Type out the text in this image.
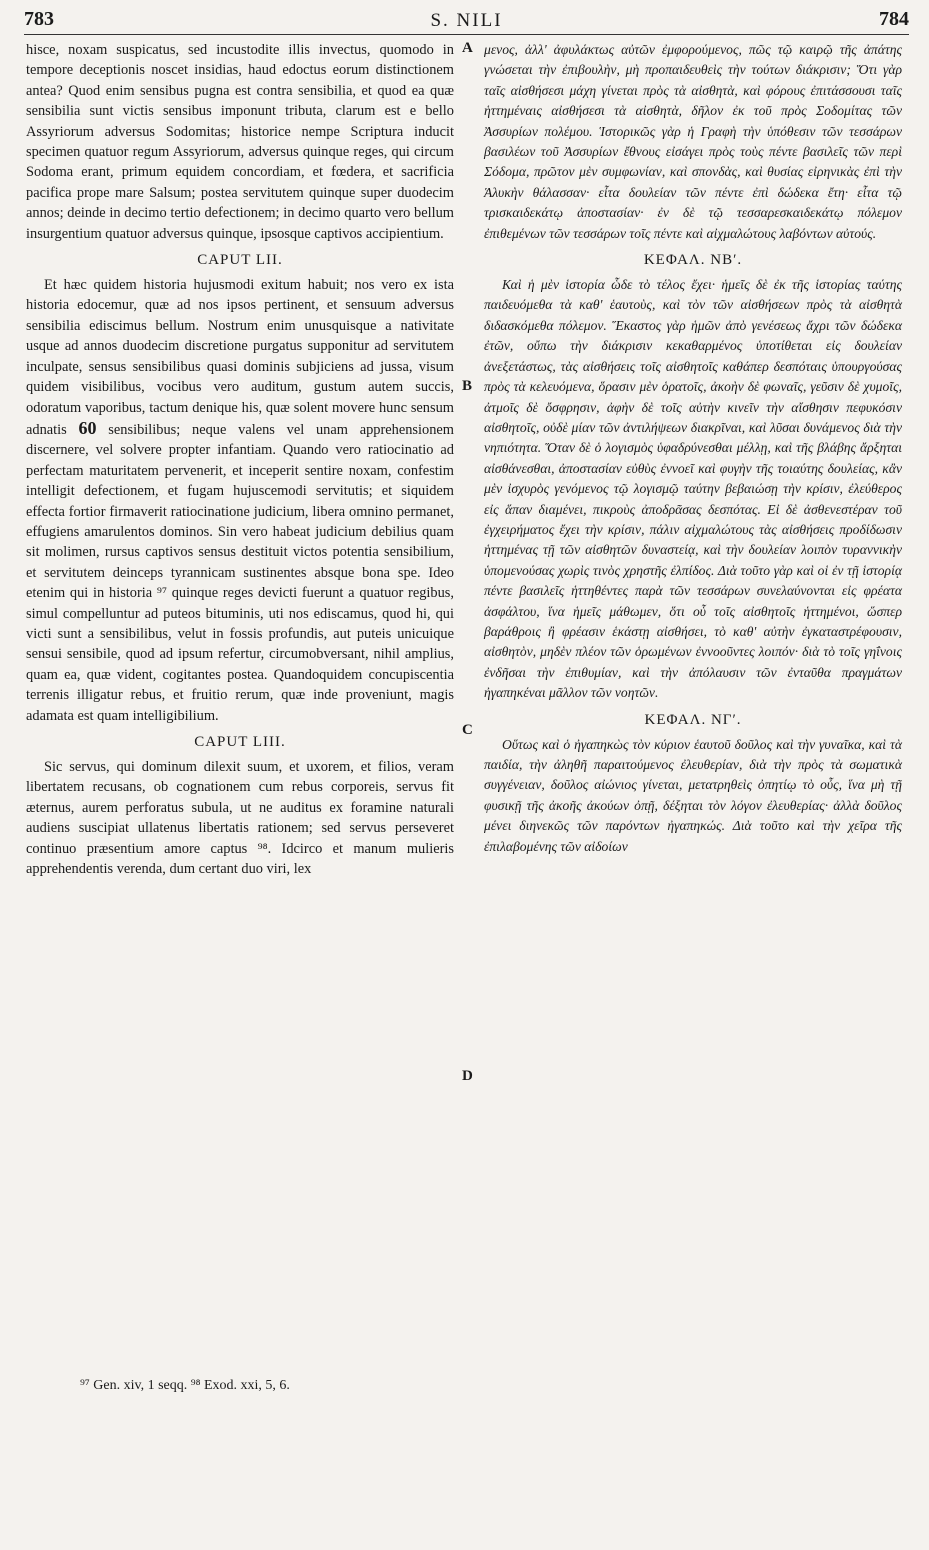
783	S. NILI	784
A
B
C
D

hisce, noxam suspicatus, sed incustodite illis invectus, quomodo in tempore deceptionis noscet insidias, haud edoctus eorum distinctionem antea? Quod enim sensibus pugna est contra sensibilia, et quod ea quæ sensibilia sunt victis sensibus imponunt tributa, clarum est e bello Assyriorum adversus Sodomitas; historice nempe Scriptura inducit specimen quatuor regum Assyriorum, adversus quinque reges, qui circum Sodoma erant, primum equidem concordiam, et fœdera, et sacrificia pacifica prope mare Salsum; postea servitutem quinque super duodecim annos; deinde in decimo tertio defectionem; in decimo quarto vero bellum insurgentium quatuor adversus quinque, ipsosque captivos accipientium.

CAPUT LII.

Et hæc quidem historia hujusmodi exitum habuit; nos vero ex ista historia edocemur, quæ ad nos ipsos pertinent, et sensuum adversus sensibilia ediscimus bellum. Nostrum enim unusquisque a nativitate usque ad annos duodecim discretione purgatus supponitur ad servitutem inculpate, sensus sensibilibus quasi dominis subjiciens ad jussa, visum quidem visibilibus, vocibus vero auditum, gustum autem succis, odoratum vaporibus, tactum denique his, quæ solent movere hunc sensum adnatis 60 sensibilibus; neque valens vel unam apprehensionem discernere, vel solvere propter infantiam. Quando vero ratiocinatio ad perfectam maturitatem pervenerit, et inceperit sentire noxam, confestim intelligit defectionem, et fugam hujuscemodi servitutis; et siquidem effecta fortior firmaverit ratiocinatione judicium, libera omnino permanet, effugiens amarulentos dominos. Sin vero habeat judicium debilius quam sit molimen, rursus captivos sensus destituit victos potentia sensibilium, et servitutem deinceps tyrannicam sustinentes absque bona spe. Ideo etenim qui in historia ⁹⁷ quinque reges devicti fuerunt a quatuor regibus, simul compelluntur ad puteos bituminis, uti nos ediscamus, quod hi, qui victi sunt a sensibilibus, velut in fossis profundis, aut puteis unicuique sensui sensibile, quod ad ipsum refertur, circumobversant, nihil amplius, quam ea, quæ vident, cogitantes postea. Quandoquidem concupiscentia terrenis illigatur rebus, et fruitio rerum, quæ inde proveniunt, magis adamata est quam intelligibilium.

CAPUT LIII.

Sic servus, qui dominum dilexit suum, et uxorem, et filios, veram libertatem recusans, ob cognationem cum rebus corporeis, servus fit æternus, aurem perforatus subula, ut ne auditus ex foramine naturali audiens suscipiat ullatenus libertatis rationem; sed servus perseveret continuo præsentium amore captus ⁹⁸. Idcirco et manum mulieris apprehendentis verenda, dum certant duo viri, lex

μενος, ἀλλ' ἀφυλάκτως αὐτῶν ἐμφορούμενος, πῶς τῷ καιρῷ τῆς ἀπάτης γνώσεται τὴν ἐπιβουλὴν, μὴ προπαιδευθεὶς τὴν τούτων διάκρισιν; Ὅτι γὰρ ταῖς αἰσθήσεσι μάχη γίνεται πρὸς τὰ αἰσθητὰ, καὶ φόρους ἐπιτάσσουσι ταῖς ἡττημέναις αἰσθήσεσι τὰ αἰσθητὰ, δῆλον ἐκ τοῦ πρὸς Σοδομίτας τῶν Ἀσσυρίων πολέμου. Ἱστορικῶς γὰρ ἡ Γραφὴ τὴν ὑπόθεσιν τῶν τεσσάρων βασιλέων τοῦ Ἀσσυρίων ἔθνους εἰσάγει πρὸς τοὺς πέντε βασιλεῖς τῶν περὶ Σόδομα, πρῶτον μὲν συμφωνίαν, καὶ σπονδὰς, καὶ θυσίας εἰρηνικὰς ἐπὶ τὴν Ἁλυκὴν θάλασσαν· εἶτα δουλείαν τῶν πέντε ἐπὶ δώδεκα ἔτη· εἶτα τῷ τρισκαιδεκάτῳ ἀποστασίαν· ἐν δὲ τῷ τεσσαρεσκαιδεκάτῳ πόλεμον ἐπιθεμένων τῶν τεσσάρων τοῖς πέντε καὶ αἰχμαλώτους λαβόντων αὐτούς.

ΚΕΦΑΛ. ΝΒʹ.

Καὶ ἡ μὲν ἱστορία ὧδε τὸ τέλος ἔχει· ἡμεῖς δὲ ἐκ τῆς ἱστορίας ταύτης παιδευόμεθα τὰ καθ' ἑαυτοὺς, καὶ τὸν τῶν αἰσθήσεων πρὸς τὰ αἰσθητὰ διδασκόμεθα πόλεμον. Ἕκαστος γὰρ ἡμῶν ἀπὸ γενέσεως ἄχρι τῶν δώδεκα ἐτῶν, οὔπω τὴν διάκρισιν κεκαθαρμένος ὑποτίθεται εἰς δουλείαν ἀνεξετάστως, τὰς αἰσθήσεις τοῖς αἰσθητοῖς καθάπερ δεσπόταις ὑπουργούσας πρὸς τὰ κελευόμενα, ὅρασιν μὲν ὁρατοῖς, ἀκοὴν δὲ φωναῖς, γεῦσιν δὲ χυμοῖς, ἀτμοῖς δὲ ὄσφρησιν, ἀφὴν δὲ τοῖς αὐτὴν κινεῖν τὴν αἴσθησιν πεφυκόσιν αἰσθητοῖς, οὐδὲ μίαν τῶν ἀντιλήψεων διακρῖναι, καὶ λῦσαι δυνάμενος διὰ τὴν νηπιότητα. Ὅταν δὲ ὁ λογισμὸς ὑφαδρύνεσθαι μέλλῃ, καὶ τῆς βλάβης ἄρξηται αἰσθάνεσθαι, ἀποστασίαν εὐθὺς ἐννοεῖ καὶ φυγὴν τῆς τοιαύτης δουλείας, κἂν μὲν ἰσχυρὸς γενόμενος τῷ λογισμῷ ταύτην βεβαιώσῃ τὴν κρίσιν, ἐλεύθερος εἰς ἅπαν διαμένει, πικροὺς ἀποδρᾶσας δεσπότας. Εἰ δὲ ἀσθενεστέραν τοῦ ἐγχειρήματος ἔχει τὴν κρίσιν, πάλιν αἰχμαλώτους τὰς αἰσθήσεις προδίδωσιν ἡττημένας τῇ τῶν αἰσθητῶν δυναστείᾳ, καὶ τὴν δουλείαν λοιπὸν τυραννικὴν ὑπομενούσας χωρὶς τινὸς χρηστῆς ἐλπίδος. Διὰ τοῦτο γὰρ καὶ οἱ ἐν τῇ ἱστορίᾳ πέντε βασιλεῖς ἡττηθέντες παρὰ τῶν τεσσάρων συνελαύνονται εἰς φρέατα ἀσφάλτου, ἵνα ἡμεῖς μάθωμεν, ὅτι οὗ τοῖς αἰσθητοῖς ἡττημένοι, ὥσπερ βαράθροις ἢ φρέασιν ἑκάστῃ αἰσθήσει, τὸ καθ' αὐτὴν ἐγκαταστρέφουσιν, αἰσθητὸν, μηδὲν πλέον τῶν ὁρωμένων ἐννοοῦντες λοιπόν· διὰ τὸ τοῖς γηΐνοις ἐνδῆσαι τὴν ἐπιθυμίαν, καὶ τὴν ἀπόλαυσιν τῶν ἐνταῦθα πραγμάτων ἠγαπηκέναι μᾶλλον τῶν νοητῶν.

ΚΕΦΑΛ. ΝΓʹ.

Οὕτως καὶ ὁ ἠγαπηκὼς τὸν κύριον ἑαυτοῦ δοῦλος καὶ τὴν γυναῖκα, καὶ τὰ παιδία, τὴν ἀληθῆ παραιτούμενος ἐλευθερίαν, διὰ τὴν πρὸς τὰ σωματικὰ συγγένειαν, δοῦλος αἰώνιος γίνεται, μετατρηθεὶς ὀπητίῳ τὸ οὖς, ἵνα μὴ τῇ φυσικῇ τῆς ἀκοῆς ἀκούων ὀπῇ, δέξηται τὸν λόγον ἐλευθερίας· ἀλλὰ δοῦλος μένει διηνεκῶς τῶν παρόντων ἠγαπηκώς. Διὰ τοῦτο καὶ τὴν χεῖρα τῆς ἐπιλαβομένης τῶν αἰδοίων

⁹⁷ Gen. xiv, 1 seqq. ⁹⁸ Exod. xxi, 5, 6.
